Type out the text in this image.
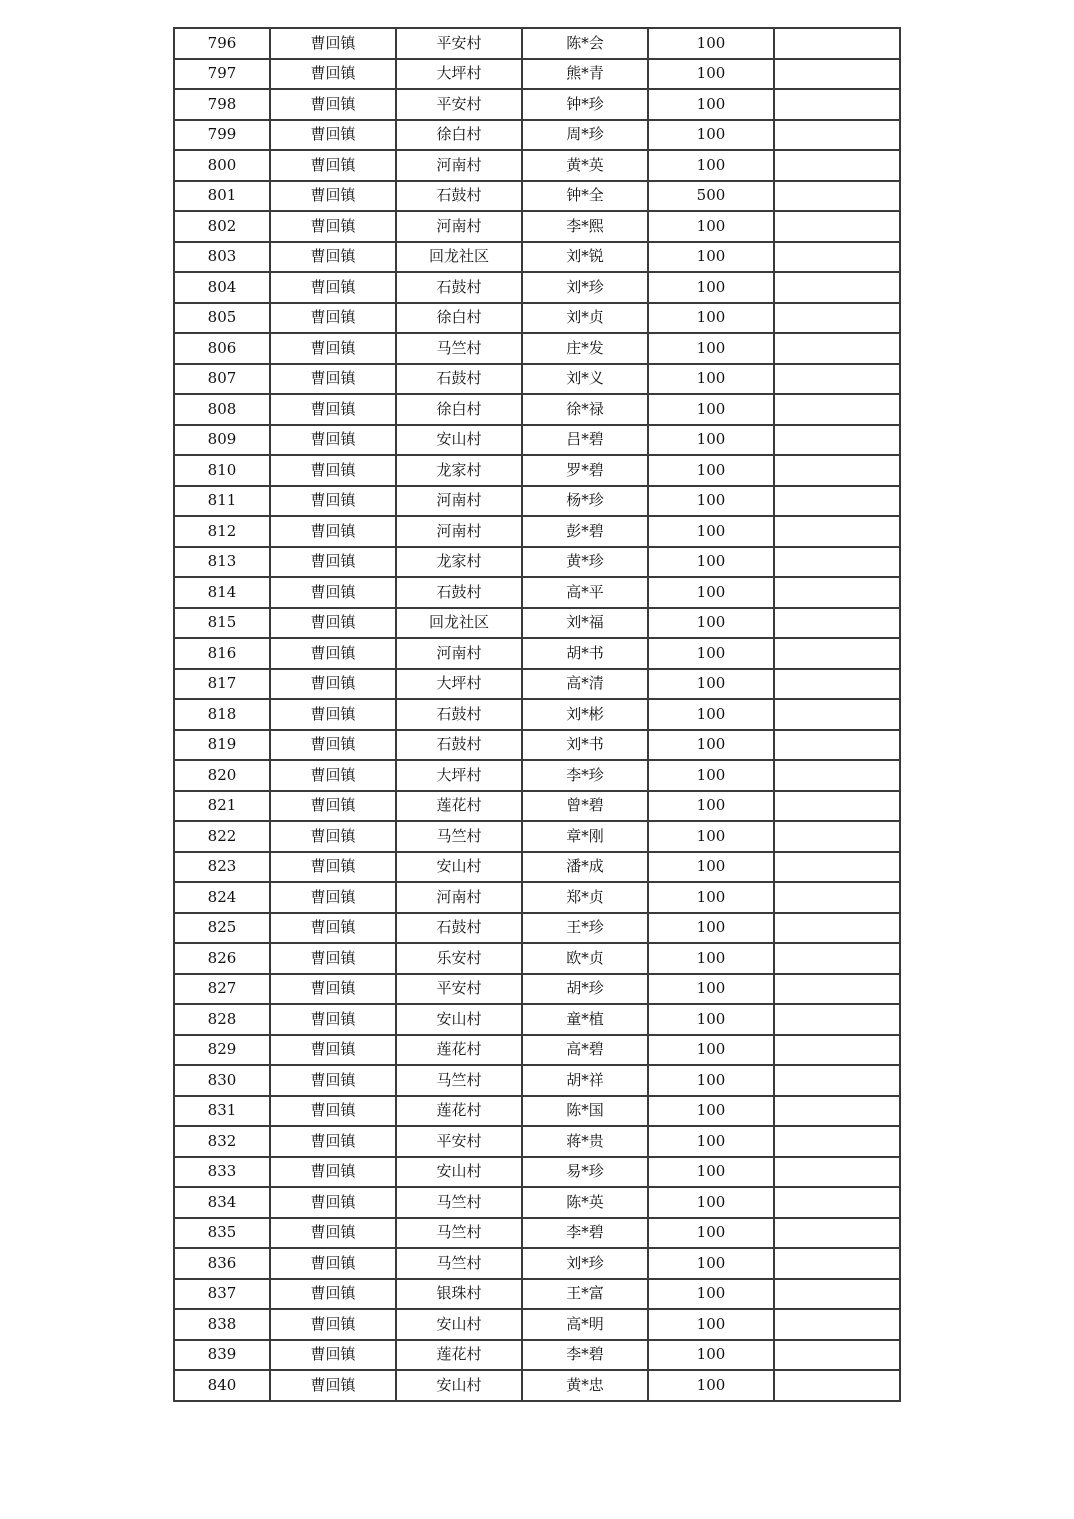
796	曹回镇	平安村	陈*会	100	
797	曹回镇	大坪村	熊*青	100	
798	曹回镇	平安村	钟*珍	100	
799	曹回镇	徐白村	周*珍	100	
800	曹回镇	河南村	黄*英	100	
801	曹回镇	石鼓村	钟*全	500	
802	曹回镇	河南村	李*熙	100	
803	曹回镇	回龙社区	刘*锐	100	
804	曹回镇	石鼓村	刘*珍	100	
805	曹回镇	徐白村	刘*贞	100	
806	曹回镇	马竺村	庄*发	100	
807	曹回镇	石鼓村	刘*义	100	
808	曹回镇	徐白村	徐*禄	100	
809	曹回镇	安山村	吕*碧	100	
810	曹回镇	龙家村	罗*碧	100	
811	曹回镇	河南村	杨*珍	100	
812	曹回镇	河南村	彭*碧	100	
813	曹回镇	龙家村	黄*珍	100	
814	曹回镇	石鼓村	高*平	100	
815	曹回镇	回龙社区	刘*福	100	
816	曹回镇	河南村	胡*书	100	
817	曹回镇	大坪村	高*清	100	
818	曹回镇	石鼓村	刘*彬	100	
819	曹回镇	石鼓村	刘*书	100	
820	曹回镇	大坪村	李*珍	100	
821	曹回镇	莲花村	曾*碧	100	
822	曹回镇	马竺村	章*刚	100	
823	曹回镇	安山村	潘*成	100	
824	曹回镇	河南村	郑*贞	100	
825	曹回镇	石鼓村	王*珍	100	
826	曹回镇	乐安村	欧*贞	100	
827	曹回镇	平安村	胡*珍	100	
828	曹回镇	安山村	童*植	100	
829	曹回镇	莲花村	高*碧	100	
830	曹回镇	马竺村	胡*祥	100	
831	曹回镇	莲花村	陈*国	100	
832	曹回镇	平安村	蒋*贵	100	
833	曹回镇	安山村	易*珍	100	
834	曹回镇	马竺村	陈*英	100	
835	曹回镇	马竺村	李*碧	100	
836	曹回镇	马竺村	刘*珍	100	
837	曹回镇	银珠村	王*富	100	
838	曹回镇	安山村	高*明	100	
839	曹回镇	莲花村	李*碧	100	
840	曹回镇	安山村	黄*忠	100	
